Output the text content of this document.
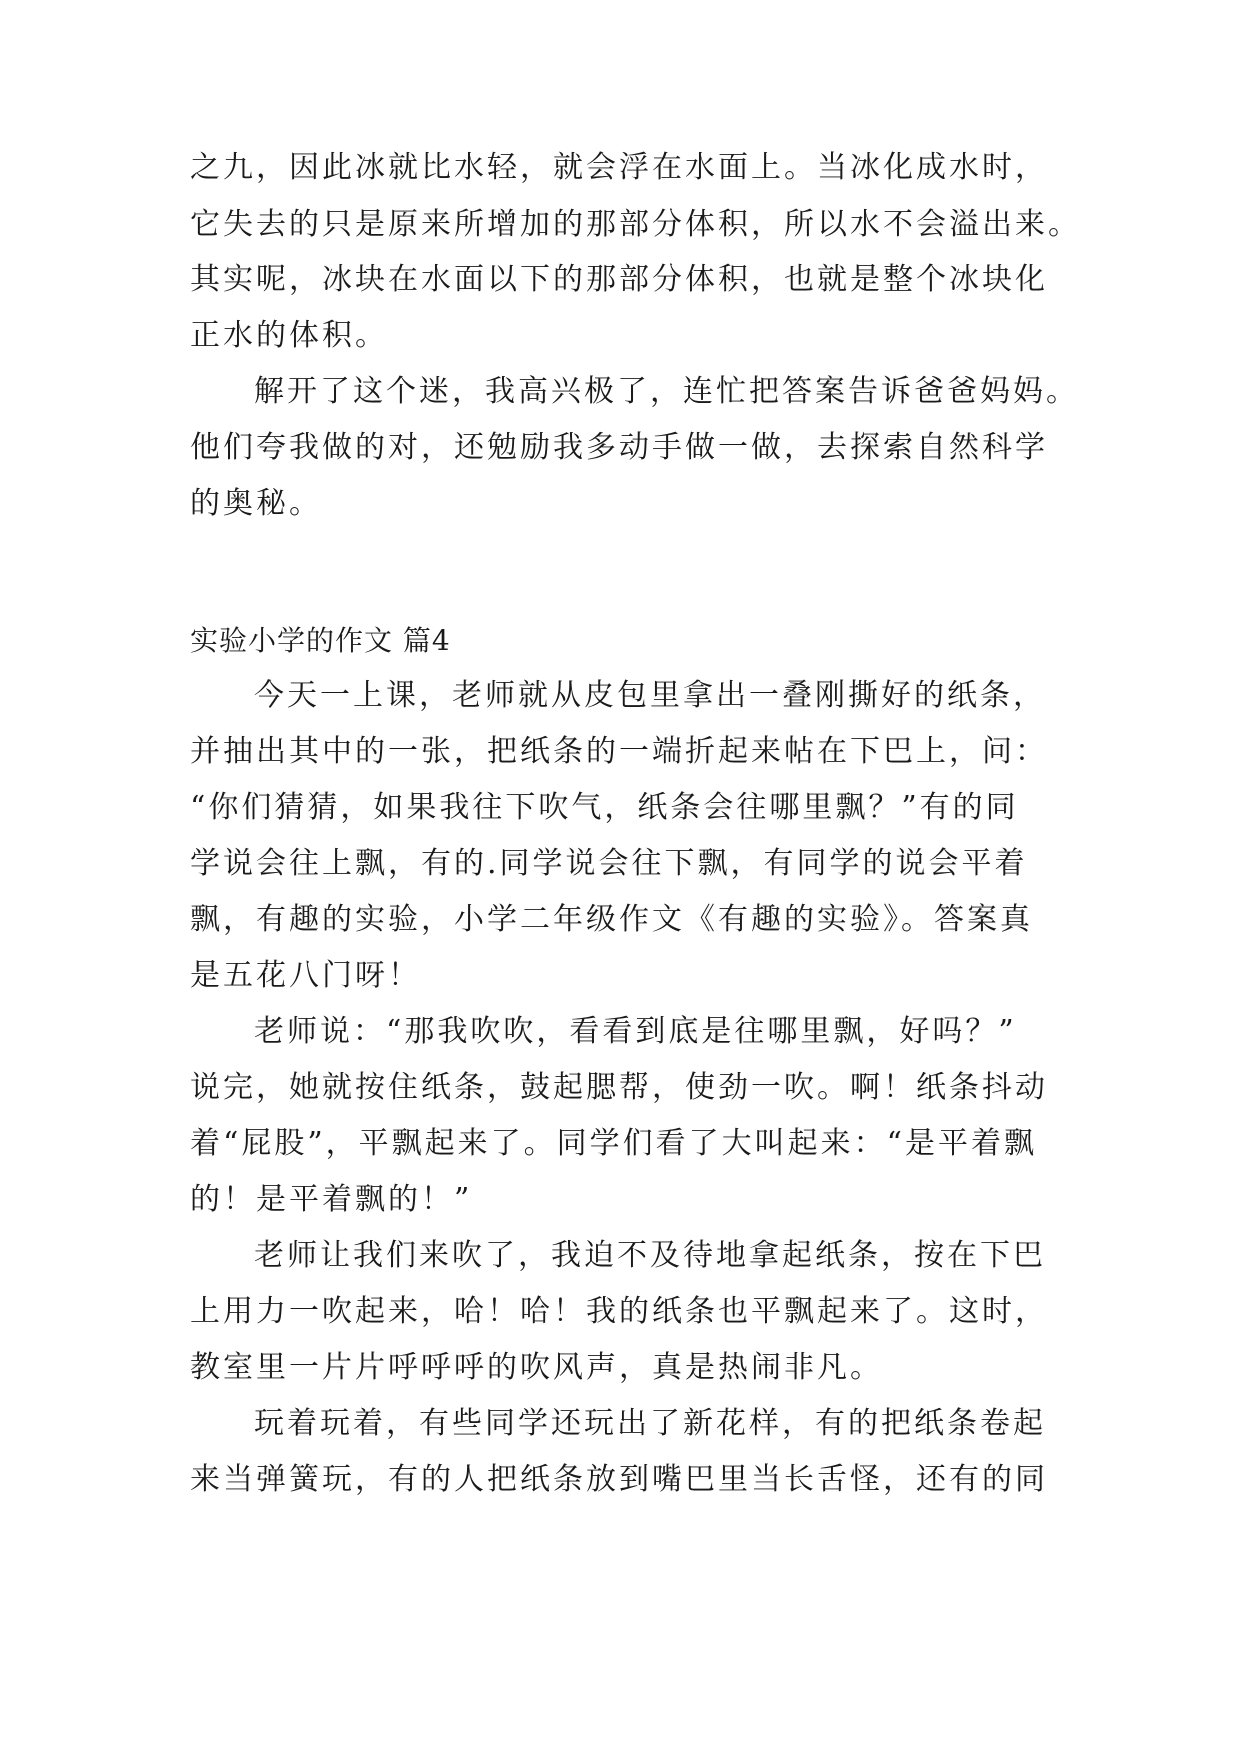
之九，因此冰就比水轻，就会浮在水面上。当冰化成水时，

它失去的只是原来所增加的那部分体积，所以水不会溢出来。

其实呢，冰块在水面以下的那部分体积，也就是整个冰块化

正水的体积。

解开了这个迷，我高兴极了，连忙把答案告诉爸爸妈妈。

他们夸我做的对，还勉励我多动手做一做，去探索自然科学

的奥秘。

实验小学的作文 篇4

今天一上课，老师就从皮包里拿出一叠刚撕好的纸条，

并抽出其中的一张，把纸条的一端折起来帖在下巴上，问：

“你们猜猜，如果我往下吹气，纸条会往哪里飘？”有的同

学说会往上飘，有的.同学说会往下飘，有同学的说会平着

飘，有趣的实验，小学二年级作文《有趣的实验》。答案真

是五花八门呀！

老师说：“那我吹吹，看看到底是往哪里飘，好吗？”

说完，她就按住纸条，鼓起腮帮，使劲一吹。啊！纸条抖动

着“屁股”，平飘起来了。同学们看了大叫起来：“是平着飘

的！是平着飘的！”

老师让我们来吹了，我迫不及待地拿起纸条，按在下巴

上用力一吹起来，哈！哈！我的纸条也平飘起来了。这时，

教室里一片片呼呼呼的吹风声，真是热闹非凡。

玩着玩着，有些同学还玩出了新花样，有的把纸条卷起

来当弹簧玩，有的人把纸条放到嘴巴里当长舌怪，还有的同
